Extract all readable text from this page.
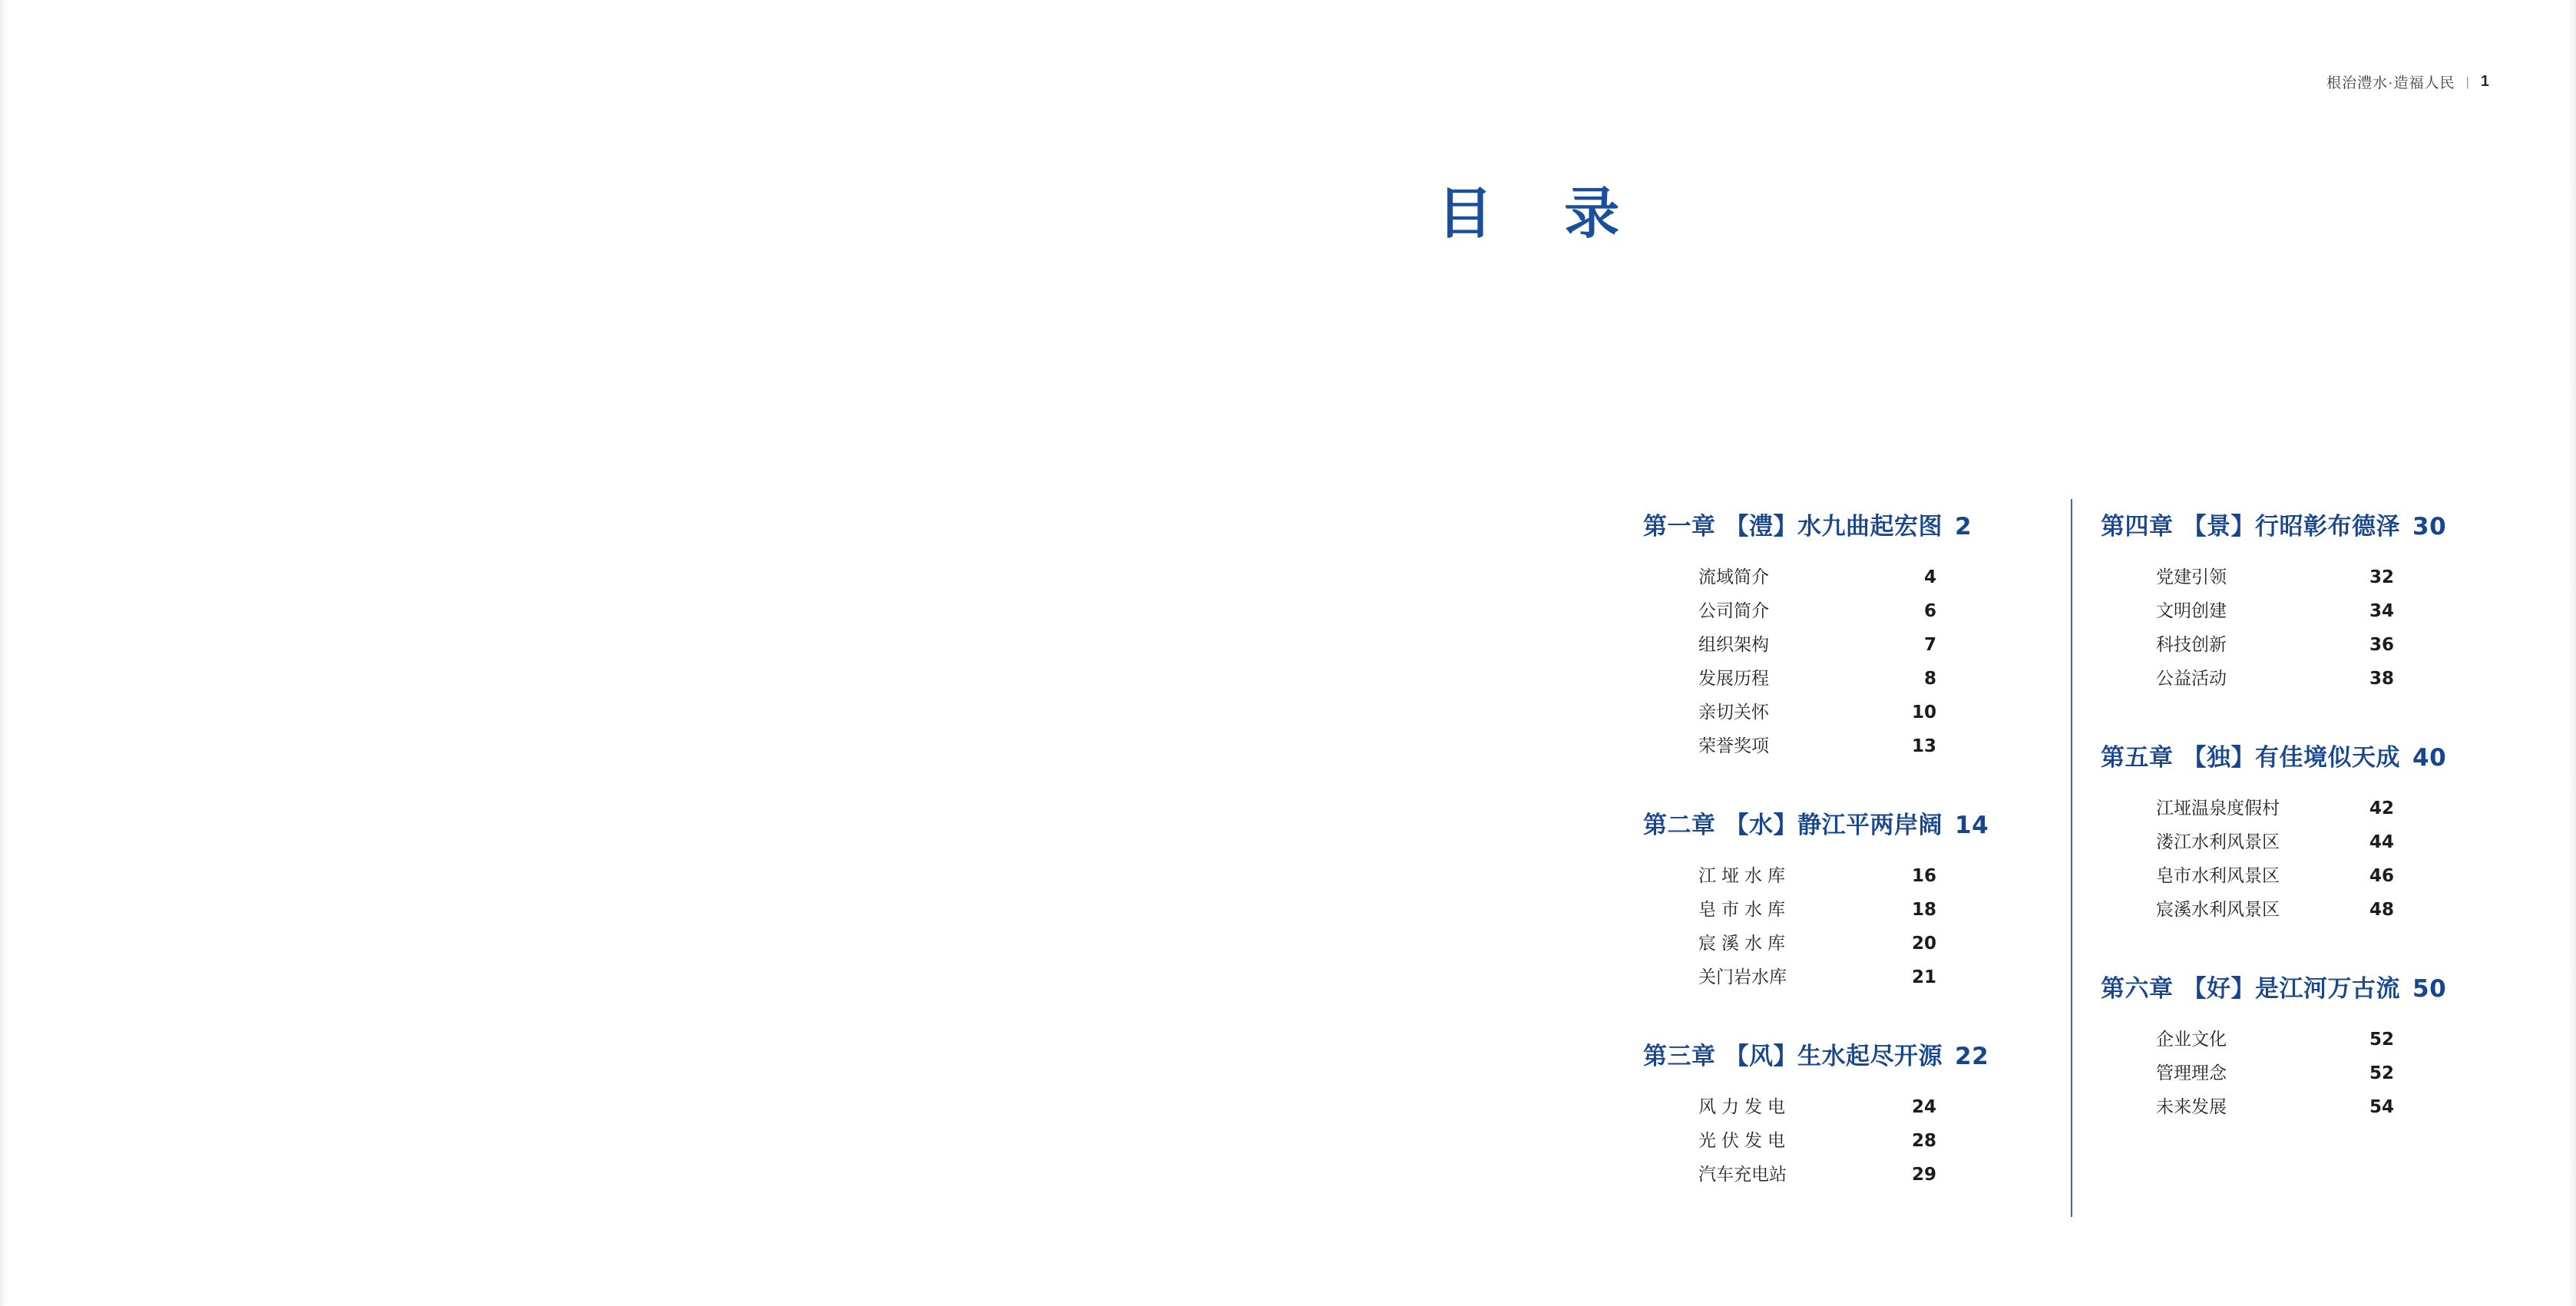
根治澧水·造福人民 | 1
目 录
第一章 【澧】水九曲起宏图 2
流域简介	4
公司简介	6
组织架构	7
发展历程	8
亲切关怀	10
荣誉奖项	13
第二章 【水】静江平两岸阔 14
江垭水库	16
皂市水库	18
宸溪水库	20
关门岩水库	21
第三章 【风】生水起尽开源 22
风力发电	24
光伏发电	28
汽车充电站	29
第四章 【景】行昭彰布德泽 30
党建引领	32
文明创建	34
科技创新	36
公益活动	38
第五章 【独】有佳境似天成 40
江垭温泉度假村	42
溇江水利风景区	44
皂市水利风景区	46
宸溪水利风景区	48
第六章 【好】是江河万古流 50
企业文化	52
管理理念	52
未来发展	54
